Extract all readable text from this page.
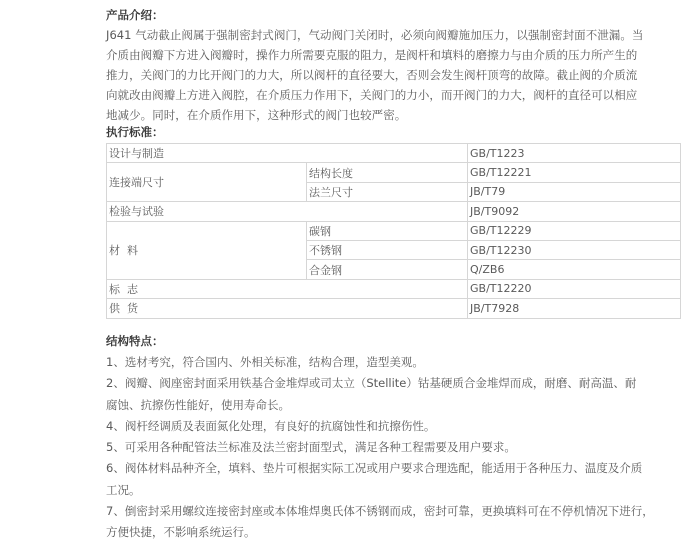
产品介绍：
J641 气动截止阀属于强制密封式阀门，气动阀门关闭时，必须向阀瓣施加压力，以强制密封面不泄漏。当
介质由阀瓣下方进入阀瓣时，操作力所需要克服的阻力，是阀杆和填料的磨擦力与由介质的压力所产生的
推力，关阀门的力比开阀门的力大，所以阀杆的直径要大，否则会发生阀杆顶弯的故障。截止阀的介质流
向就改由阀瓣上方进入阀腔，在介质压力作用下，关阀门的力小，而开阀门的力大，阀杆的直径可以相应
地减少。同时，在介质作用下，这种形式的阀门也较严密。
执行标准：
设计与制造		GB/T1223
连接端尺寸	结构长度	GB/T12221
	法兰尺寸	JB/T79
检验与试验		JB/T9092
材  料	碳钢	GB/T12229
	不锈钢	GB/T12230
	合金钢	Q/ZB6
标  志		GB/T12220
供  货		JB/T7928
结构特点：
1、选材考究，符合国内、外相关标准，结构合理，造型美观。
2、阀瓣、阀座密封面采用铁基合金堆焊或司太立（Stellite）钴基硬质合金堆焊而成，耐磨、耐高温、耐
腐蚀、抗擦伤性能好，使用寿命长。
4、阀杆经调质及表面氮化处理，有良好的抗腐蚀性和抗擦伤性。
5、可采用各种配管法兰标准及法兰密封面型式，满足各种工程需要及用户要求。
6、阀体材料品种齐全，填料、垫片可根据实际工况或用户要求合理选配，能适用于各种压力、温度及介质
工况。
7、倒密封采用螺纹连接密封座或本体堆焊奥氏体不锈钢而成，密封可靠，更换填料可在不停机情况下进行，
方便快捷，不影响系统运行。
